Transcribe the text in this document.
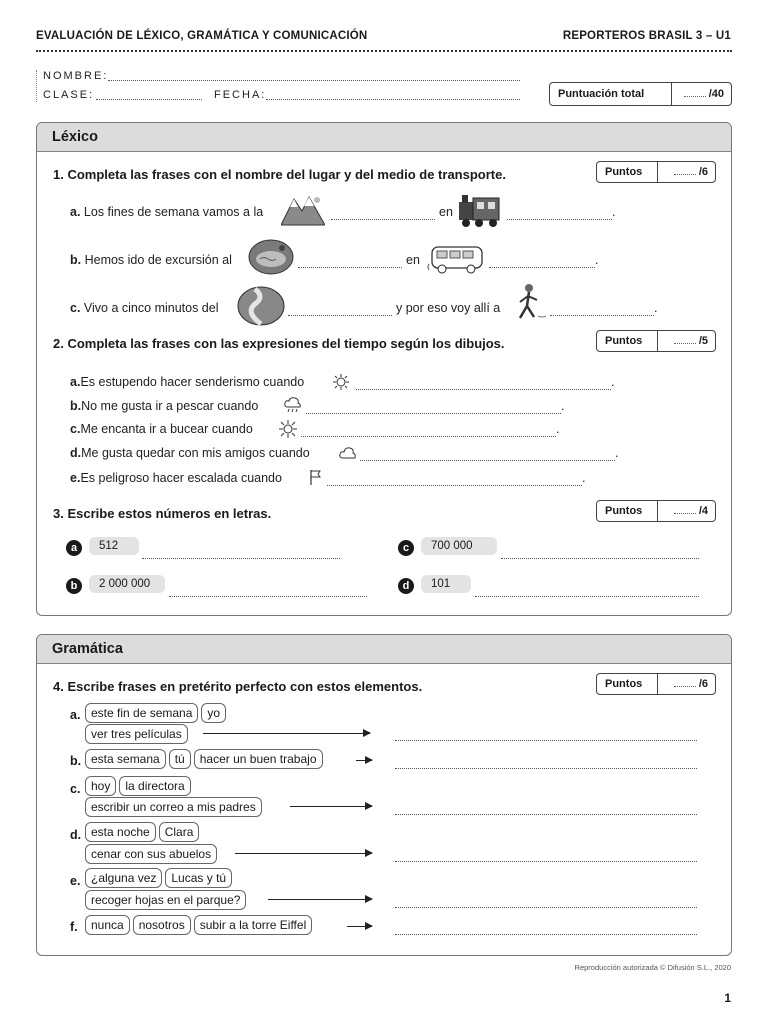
EVALUACIÓN DE LÉXICO, GRAMÁTICA Y COMUNICACIÓN	REPORTEROS BRASIL 3 – U1
NOMBRE:
CLASE:	FECHA:	Puntuación total	/40
Léxico
1. Completa las frases con el nombre del lugar y del medio de transporte.	Puntos	/6
a. Los fines de semana vamos a la	en	.
b. Hemos ido de excursión al	en	.
c. Vivo a cinco minutos del	y por eso voy allí a	.
2. Completa las frases con las expresiones del tiempo según los dibujos.	Puntos	/5
a.Es estupendo hacer senderismo cuando	.
b.No me gusta ir a pescar cuando	.
c.Me encanta ir a bucear cuando	.
d.Me gusta quedar con mis amigos cuando	.
e.Es peligroso hacer escalada cuando	.
3. Escribe estos números en letras.	Puntos	/4
a	512
b	2 000 000
c	700 000
d	101
Gramática
4. Escribe frases en pretérito perfecto con estos elementos.	Puntos	/6
a. este fin de semana yo
ver tres películas
b. esta semana tú hacer un buen trabajo
c. hoy la directora
escribir un correo a mis padres
d. esta noche Clara
cenar con sus abuelos
e. ¿alguna vez Lucas y tú
recoger hojas en el parque?
f.	nunca nosotros subir a la torre Eiffel
Reproducción autorizada © Difusión S.L., 2020
1
